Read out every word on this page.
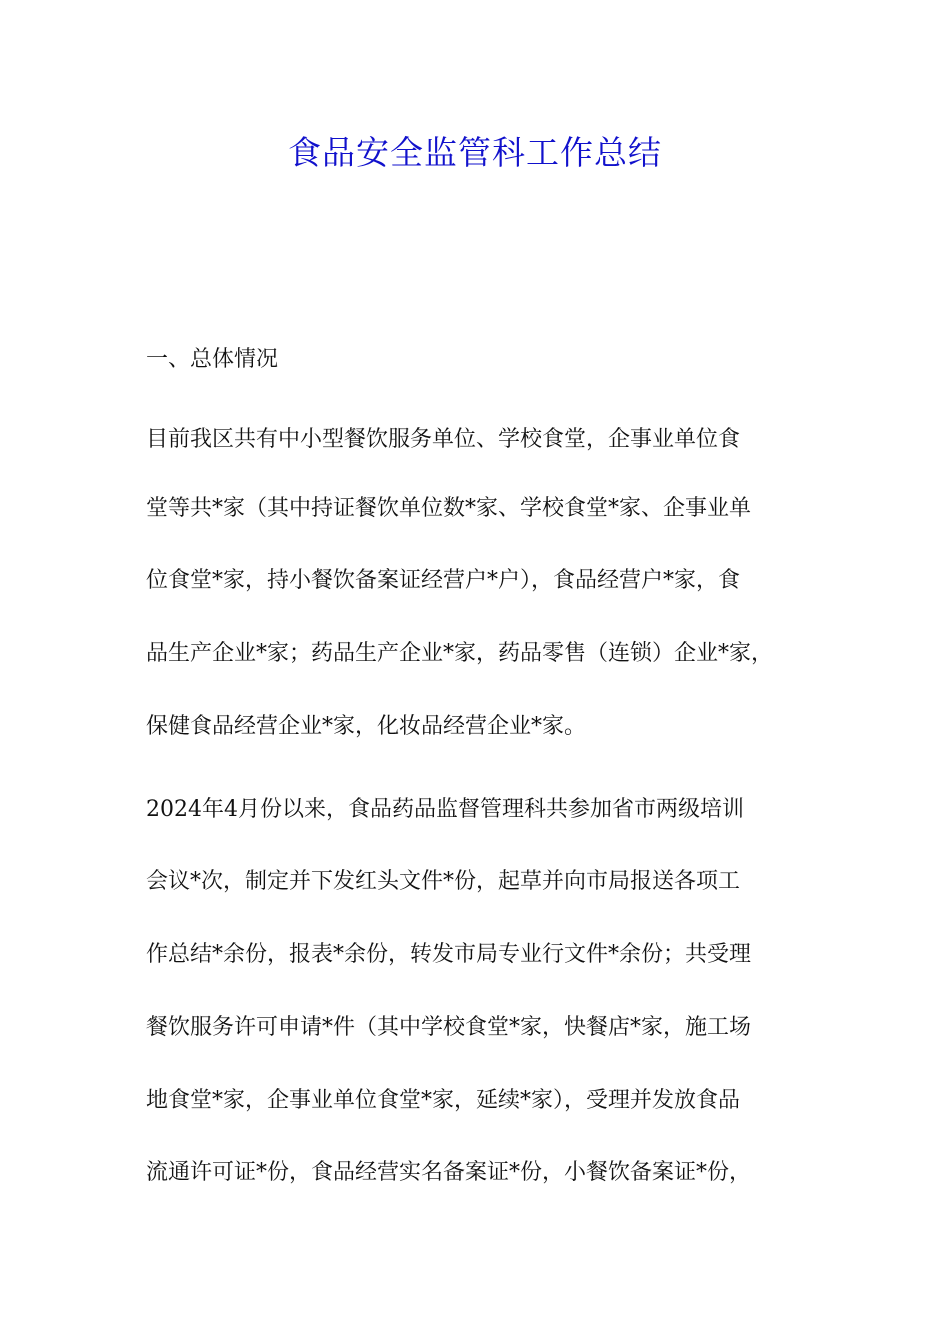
食品安全监管科工作总结
一、总体情况
目前我区共有中小型餐饮服务单位、学校食堂，企事业单位食
堂等共*家（其中持证餐饮单位数*家、学校食堂*家、企事业单
位食堂*家，持小餐饮备案证经营户*户），食品经营户*家，食
品生产企业*家；药品生产企业*家，药品零售（连锁）企业*家，
保健食品经营企业*家，化妆品经营企业*家。
2024年4月份以来，食品药品监督管理科共参加省市两级培训
会议*次，制定并下发红头文件*份，起草并向市局报送各项工
作总结*余份，报表*余份，转发市局专业行文件*余份；共受理
餐饮服务许可申请*件（其中学校食堂*家，快餐店*家，施工场
地食堂*家，企事业单位食堂*家，延续*家），受理并发放食品
流通许可证*份，食品经营实名备案证*份，小餐饮备案证*份，
